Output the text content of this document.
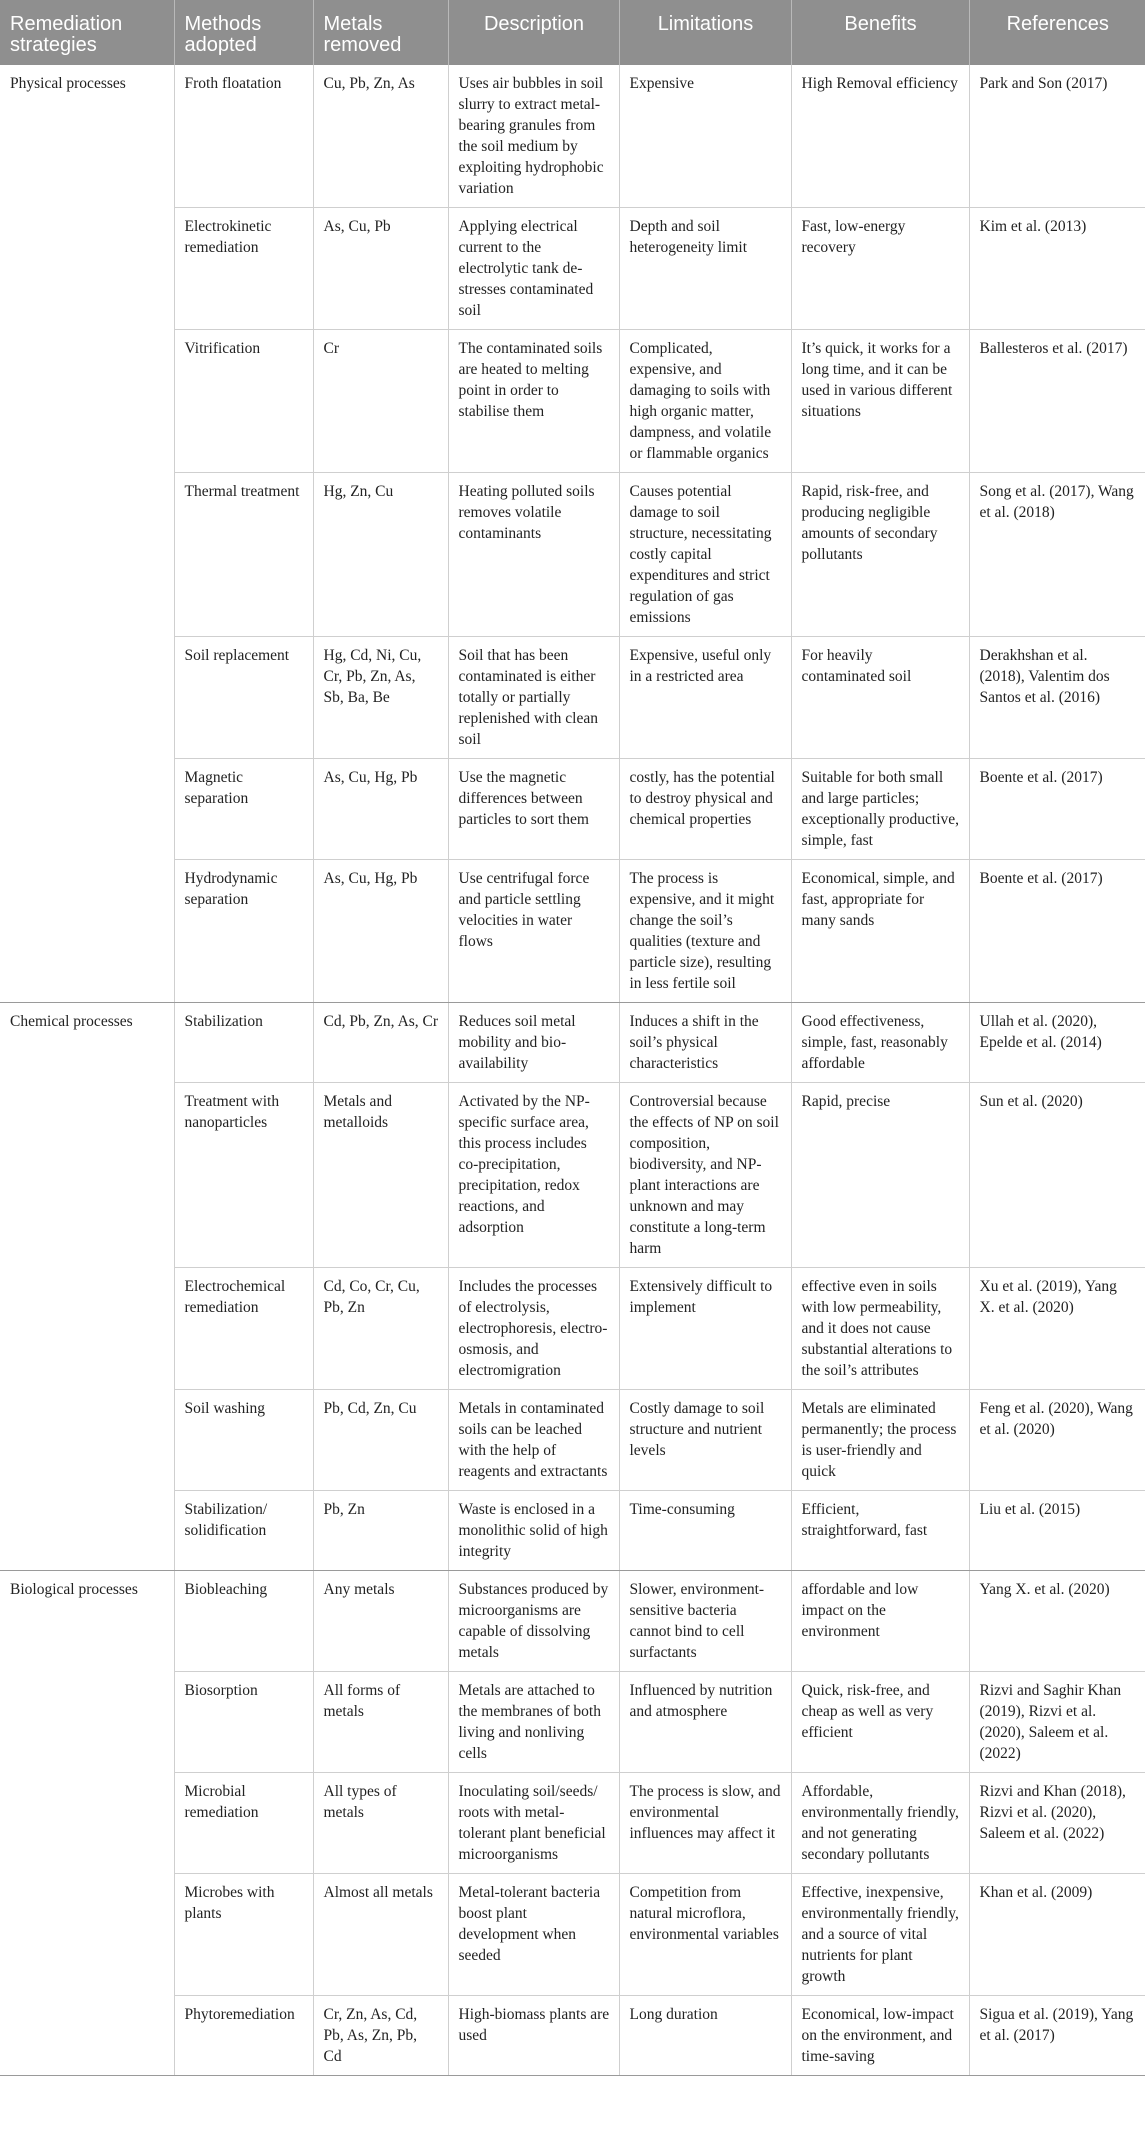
Remediation strategies	Methods adopted	Metals removed	Description	Limitations	Benefits	References
Physical processes	Froth floatation	Cu, Pb, Zn, As	Uses air bubbles in soil slurry to extract metal-bearing granules from the soil medium by exploiting hydrophobic variation	Expensive	High Removal efficiency	Park and Son (2017)
	Electrokinetic remediation	As, Cu, Pb	Applying electrical current to the electrolytic tank de-stresses contaminated soil	Depth and soil heterogeneity limit	Fast, low-energy recovery	Kim et al. (2013)
	Vitrification	Cr	The contaminated soils are heated to melting point in order to stabilise them	Complicated, expensive, and damaging to soils with high organic matter, dampness, and volatile or flammable organics	It’s quick, it works for a long time, and it can be used in various different situations	Ballesteros et al. (2017)
	Thermal treatment	Hg, Zn, Cu	Heating polluted soils removes volatile contaminants	Causes potential damage to soil structure, necessitating costly capital expenditures and strict regulation of gas emissions	Rapid, risk-free, and producing negligible amounts of secondary pollutants	Song et al. (2017), Wang et al. (2018)
	Soil replacement	Hg, Cd, Ni, Cu, Cr, Pb, Zn, As, Sb, Ba, Be	Soil that has been contaminated is either totally or partially replenished with clean soil	Expensive, useful only in a restricted area	For heavily contaminated soil	Derakhshan et al. (2018), Valentim dos Santos et al. (2016)
	Magnetic separation	As, Cu, Hg, Pb	Use the magnetic differences between particles to sort them	costly, has the potential to destroy physical and chemical properties	Suitable for both small and large particles; exceptionally productive, simple, fast	Boente et al. (2017)
	Hydrodynamic separation	As, Cu, Hg, Pb	Use centrifugal force and particle settling velocities in water flows	The process is expensive, and it might change the soil’s qualities (texture and particle size), resulting in less fertile soil	Economical, simple, and fast, appropriate for many sands	Boente et al. (2017)
Chemical processes	Stabilization	Cd, Pb, Zn, As, Cr	Reduces soil metal mobility and bio-availability	Induces a shift in the soil’s physical characteristics	Good effectiveness, simple, fast, reasonably affordable	Ullah et al. (2020), Epelde et al. (2014)
	Treatment with nanoparticles	Metals and metalloids	Activated by the NP-specific surface area, this process includes co-precipitation, precipitation, redox reactions, and adsorption	Controversial because the effects of NP on soil composition, biodiversity, and NP-plant interactions are unknown and may constitute a long-term harm	Rapid, precise	Sun et al. (2020)
	Electrochemical remediation	Cd, Co, Cr, Cu, Pb, Zn	Includes the processes of electrolysis, electrophoresis, electro-osmosis, and electromigration	Extensively difficult to implement	effective even in soils with low permeability, and it does not cause substantial alterations to the soil’s attributes	Xu et al. (2019), Yang X. et al. (2020)
	Soil washing	Pb, Cd, Zn, Cu	Metals in contaminated soils can be leached with the help of reagents and extractants	Costly damage to soil structure and nutrient levels	Metals are eliminated permanently; the process is user-friendly and quick	Feng et al. (2020), Wang et al. (2020)
	Stabilization/ solidification	Pb, Zn	Waste is enclosed in a monolithic solid of high integrity	Time-consuming	Efficient, straightforward, fast	Liu et al. (2015)
Biological processes	Biobleaching	Any metals	Substances produced by microorganisms are capable of dissolving metals	Slower, environment-sensitive bacteria cannot bind to cell surfactants	affordable and low impact on the environment	Yang X. et al. (2020)
	Biosorption	All forms of metals	Metals are attached to the membranes of both living and nonliving cells	Influenced by nutrition and atmosphere	Quick, risk-free, and cheap as well as very efficient	Rizvi and Saghir Khan (2019), Rizvi et al. (2020), Saleem et al. (2022)
	Microbial remediation	All types of metals	Inoculating soil/seeds/ roots with metal-tolerant plant beneficial microorganisms	The process is slow, and environmental influences may affect it	Affordable, environmentally friendly, and not generating secondary pollutants	Rizvi and Khan (2018), Rizvi et al. (2020), Saleem et al. (2022)
	Microbes with plants	Almost all metals	Metal-tolerant bacteria boost plant development when seeded	Competition from natural microflora, environmental variables	Effective, inexpensive, environmentally friendly, and a source of vital nutrients for plant growth	Khan et al. (2009)
	Phytoremediation	Cr, Zn, As, Cd, Pb, As, Zn, Pb, Cd	High-biomass plants are used	Long duration	Economical, low-impact on the environment, and time-saving	Sigua et al. (2019), Yang et al. (2017)
